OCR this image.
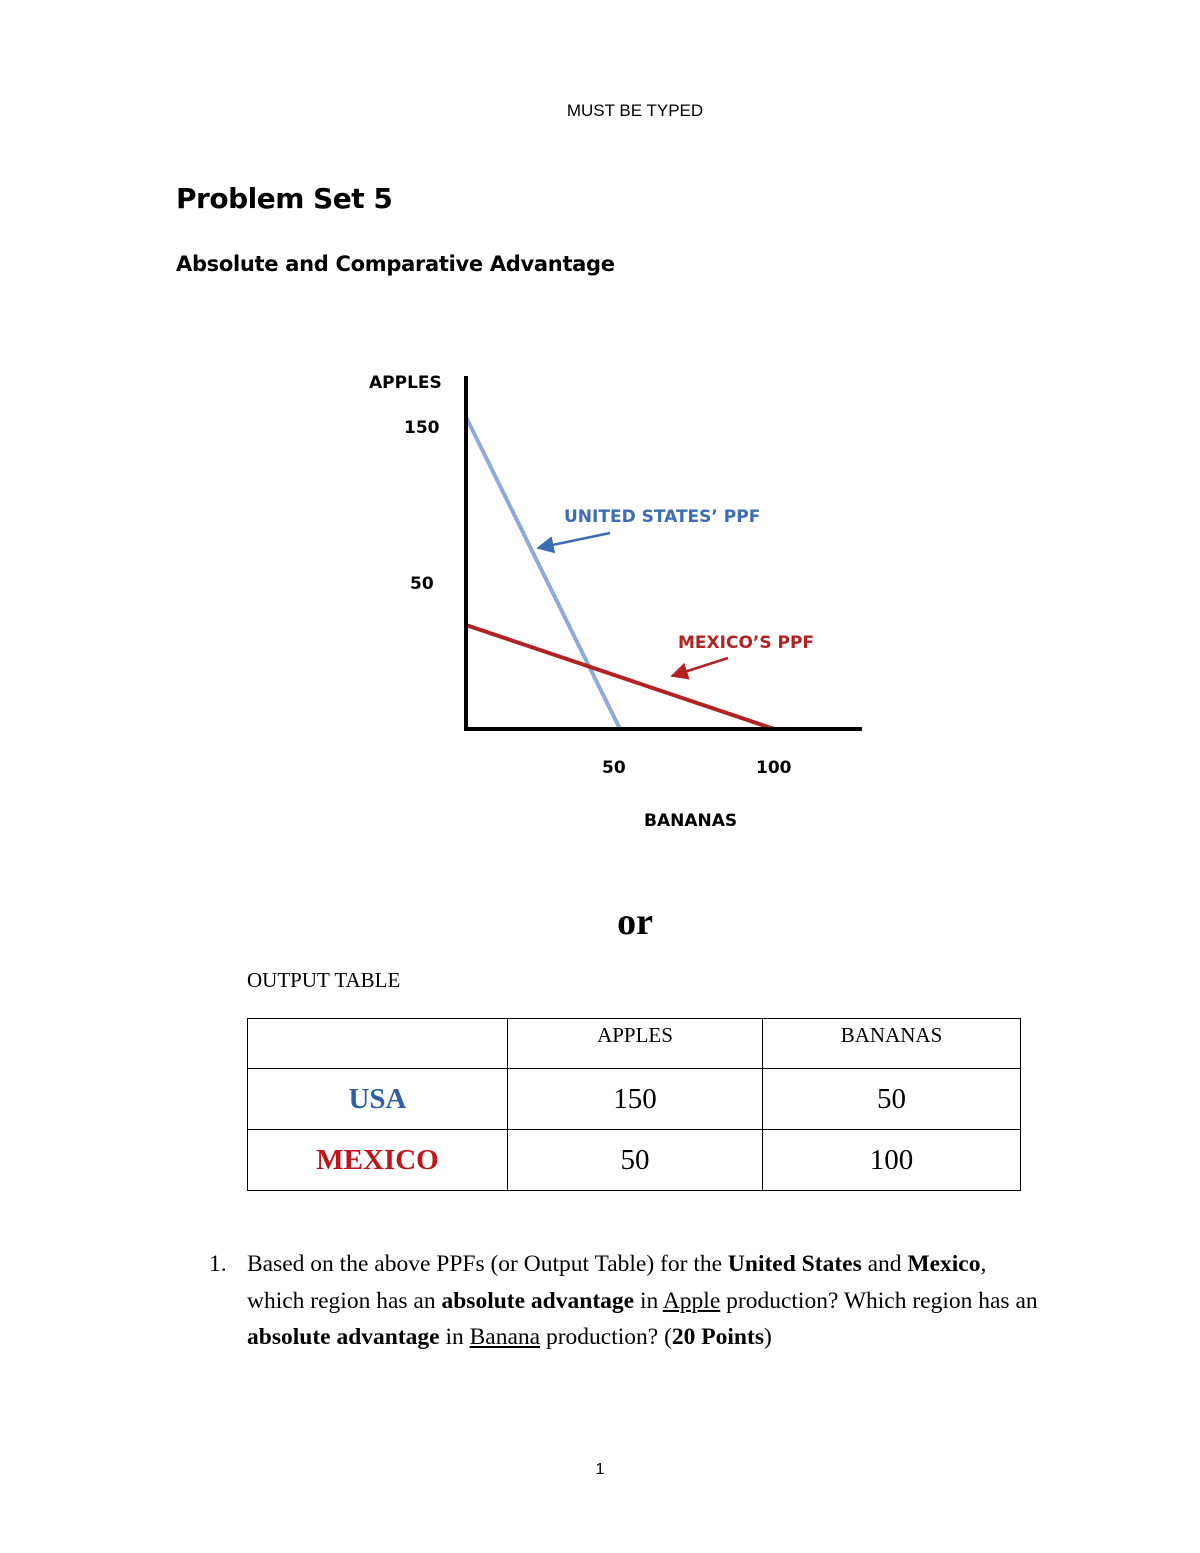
MUST BE TYPED
Problem Set 5
Absolute and Comparative Advantage
APPLES
150
50
50	100
BANANAS
UNITED STATES’ PPF
MEXICO’S PPF
or
OUTPUT TABLE
	APPLES	BANANAS
USA	150	50
MEXICO	50	100
1. Based on the above PPFs (or Output Table) for the United States and Mexico, which region has an absolute advantage in Apple production? Which region has an absolute advantage in Banana production? (20 Points)
1
